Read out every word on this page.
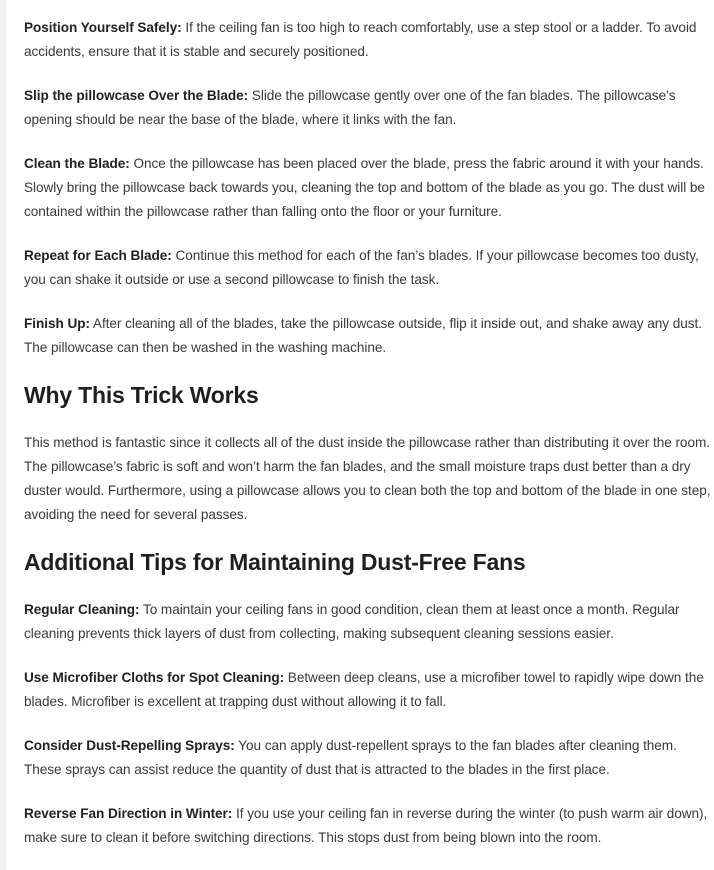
Position Yourself Safely: If the ceiling fan is too high to reach comfortably, use a step stool or a ladder. To avoid accidents, ensure that it is stable and securely positioned.

Slip the pillowcase Over the Blade: Slide the pillowcase gently over one of the fan blades. The pillowcase’s opening should be near the base of the blade, where it links with the fan.

Clean the Blade: Once the pillowcase has been placed over the blade, press the fabric around it with your hands. Slowly bring the pillowcase back towards you, cleaning the top and bottom of the blade as you go. The dust will be contained within the pillowcase rather than falling onto the floor or your furniture.

Repeat for Each Blade: Continue this method for each of the fan’s blades. If your pillowcase becomes too dusty, you can shake it outside or use a second pillowcase to finish the task.

Finish Up: After cleaning all of the blades, take the pillowcase outside, flip it inside out, and shake away any dust. The pillowcase can then be washed in the washing machine.

Why This Trick Works

This method is fantastic since it collects all of the dust inside the pillowcase rather than distributing it over the room. The pillowcase’s fabric is soft and won’t harm the fan blades, and the small moisture traps dust better than a dry duster would. Furthermore, using a pillowcase allows you to clean both the top and bottom of the blade in one step, avoiding the need for several passes.

Additional Tips for Maintaining Dust-Free Fans

Regular Cleaning: To maintain your ceiling fans in good condition, clean them at least once a month. Regular cleaning prevents thick layers of dust from collecting, making subsequent cleaning sessions easier.

Use Microfiber Cloths for Spot Cleaning: Between deep cleans, use a microfiber towel to rapidly wipe down the blades. Microfiber is excellent at trapping dust without allowing it to fall.

Consider Dust-Repelling Sprays: You can apply dust-repellent sprays to the fan blades after cleaning them. These sprays can assist reduce the quantity of dust that is attracted to the blades in the first place.

Reverse Fan Direction in Winter: If you use your ceiling fan in reverse during the winter (to push warm air down), make sure to clean it before switching directions. This stops dust from being blown into the room.
